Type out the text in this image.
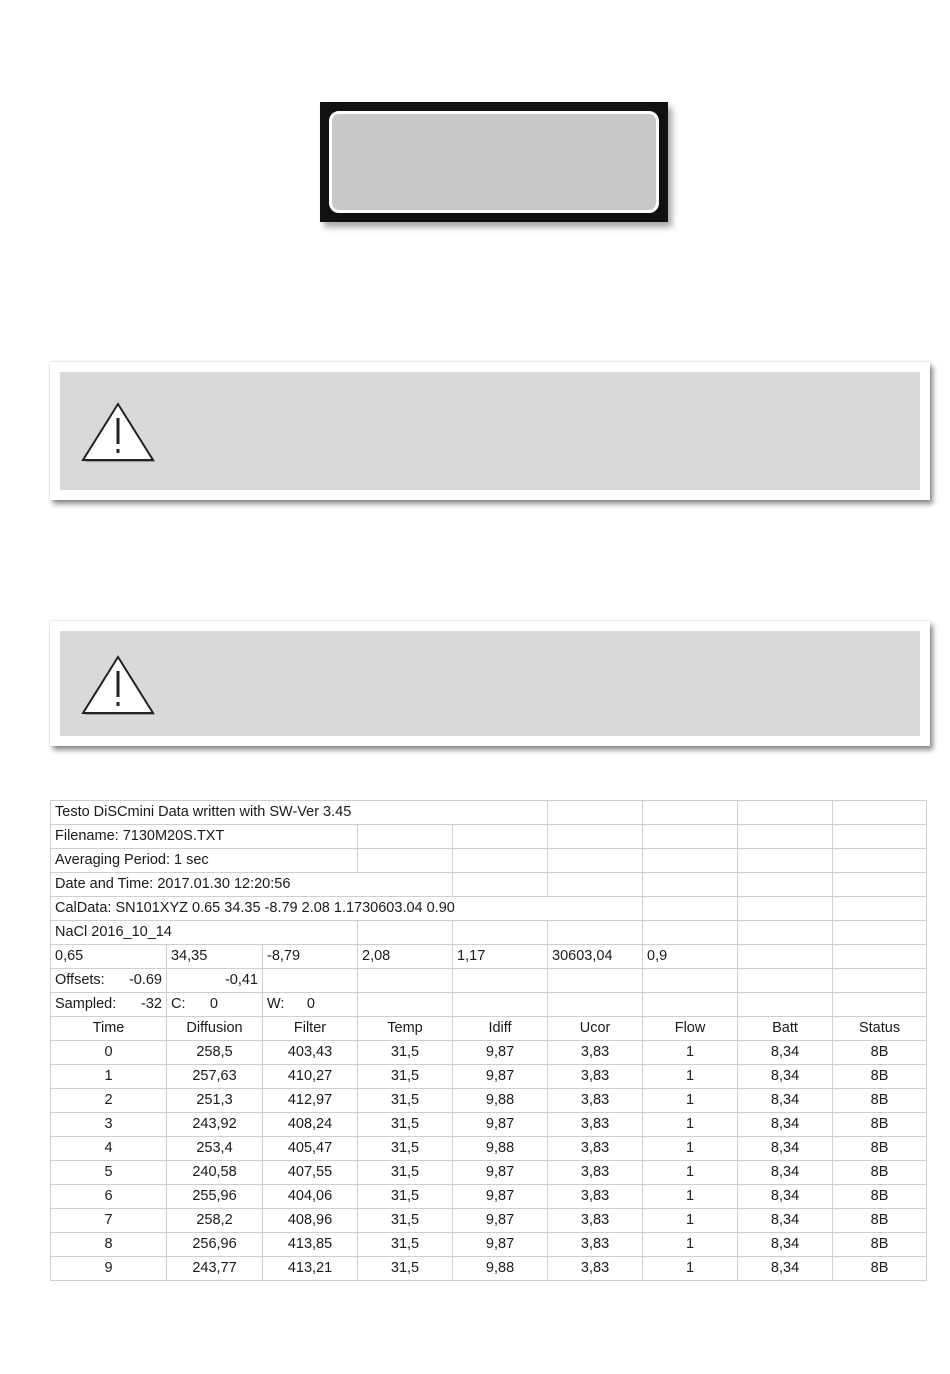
Testo DiSCmini Data written with SW-Ver 3.45								
Filename: 7130M20S.TXT								
Averaging Period: 1 sec								
Date and Time: 2017.01.30 12:20:56								
CalData: SN101XYZ 0.65 34.35 -8.79 2.08 1.1730603.04 0.90								
NaCl 2016_10_14								
0,65	34,35	-8,79	2,08	1,17	30603,04	0,9		
Offsets: -0.69	-0,41							
Sampled: -32	C: 0	W: 0						

Time	Diffusion	Filter	Temp	Idiff	Ucor	Flow	Batt	Status
0	258,5	403,43	31,5	9,87	3,83	1	8,34	8B
1	257,63	410,27	31,5	9,87	3,83	1	8,34	8B
2	251,3	412,97	31,5	9,88	3,83	1	8,34	8B
3	243,92	408,24	31,5	9,87	3,83	1	8,34	8B
4	253,4	405,47	31,5	9,88	3,83	1	8,34	8B
5	240,58	407,55	31,5	9,87	3,83	1	8,34	8B
6	255,96	404,06	31,5	9,87	3,83	1	8,34	8B
7	258,2	408,96	31,5	9,87	3,83	1	8,34	8B
8	256,96	413,85	31,5	9,87	3,83	1	8,34	8B
9	243,77	413,21	31,5	9,88	3,83	1	8,34	8B
